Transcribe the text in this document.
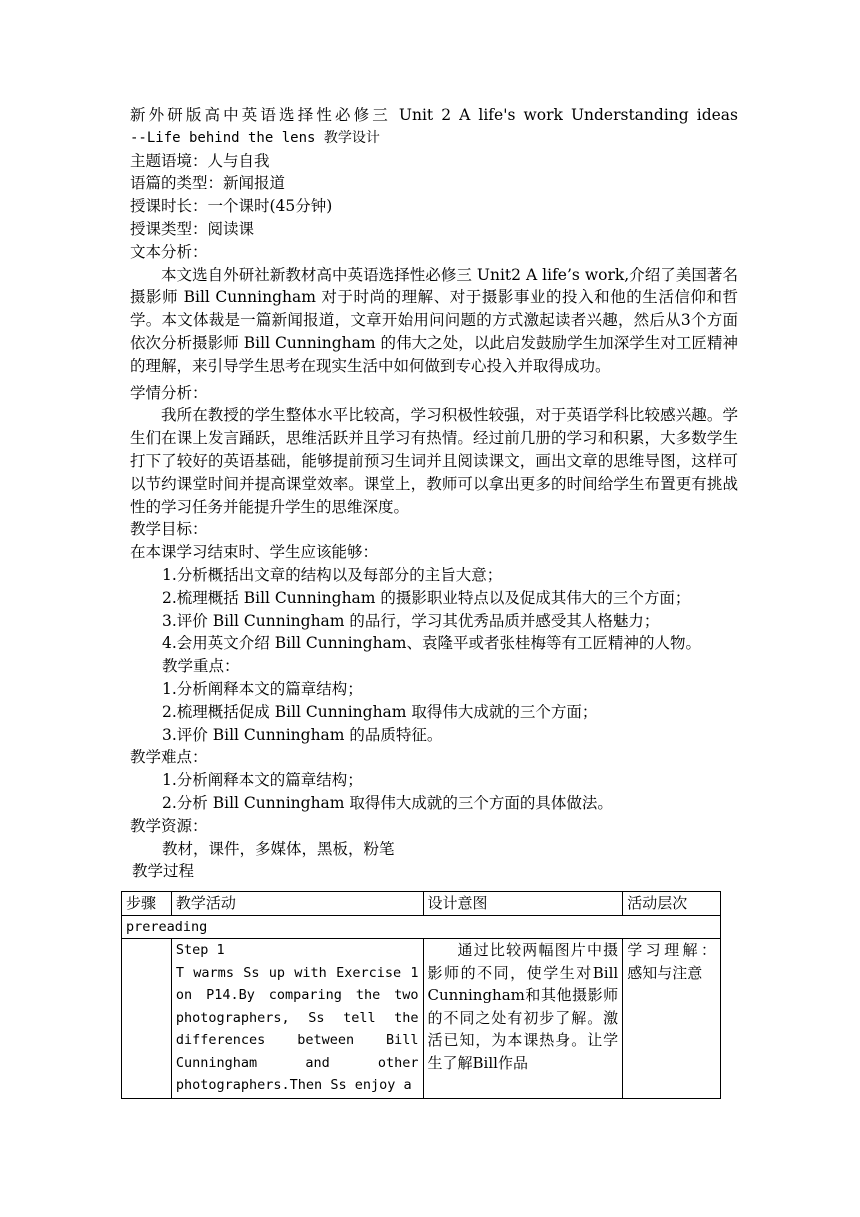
新外研版高中英语选择性必修三 Unit 2 A life's work Understanding ideas

--Life behind the lens 教学设计

主题语境：人与自我

语篇的类型：新闻报道

授课时长：一个课时(45分钟)

授课类型：阅读课

文本分析：

本文选自外研社新教材高中英语选择性必修三 Unit2 A life’s work,介绍了美国著名摄影师 Bill Cunningham 对于时尚的理解、对于摄影事业的投入和他的生活信仰和哲学。本文体裁是一篇新闻报道，文章开始用问问题的方式激起读者兴趣，然后从3个方面依次分析摄影师 Bill Cunningham 的伟大之处，以此启发鼓励学生加深学生对工匠精神的理解，来引导学生思考在现实生活中如何做到专心投入并取得成功。

学情分析：

我所在教授的学生整体水平比较高，学习积极性较强，对于英语学科比较感兴趣。学生们在课上发言踊跃，思维活跃并且学习有热情。经过前几册的学习和积累，大多数学生打下了较好的英语基础，能够提前预习生词并且阅读课文，画出文章的思维导图，这样可以节约课堂时间并提高课堂效率。课堂上，教师可以拿出更多的时间给学生布置更有挑战性的学习任务并能提升学生的思维深度。

教学目标：

在本课学习结束时、学生应该能够：

1.分析概括出文章的结构以及每部分的主旨大意；

2.梳理概括 Bill Cunningham 的摄影职业特点以及促成其伟大的三个方面；

3.评价 Bill Cunningham 的品行，学习其优秀品质并感受其人格魅力；

4.会用英文介绍 Bill Cunningham、袁隆平或者张桂梅等有工匠精神的人物。

教学重点：

1.分析阐释本文的篇章结构；

2.梳理概括促成 Bill Cunningham 取得伟大成就的三个方面；

3.评价 Bill Cunningham 的品质特征。

教学难点：

1.分析阐释本文的篇章结构；

2.分析 Bill Cunningham 取得伟大成就的三个方面的具体做法。

教学资源：

教材，课件，多媒体，黑板，粉笔

教学过程

步骤	教学活动	设计意图	活动层次
prereading			

	Step 1
T warms Ss up with Exercise 1 on P14.By comparing the two photographers, Ss tell the differences between Bill Cunningham and other photographers.Then Ss enjoy a	通过比较两幅图片中摄影师的不同，使学生对Bill Cunningham和其他摄影师的不同之处有初步了解。激活已知，为本课热身。让学生了解Bill作品	学习理解：感知与注意
